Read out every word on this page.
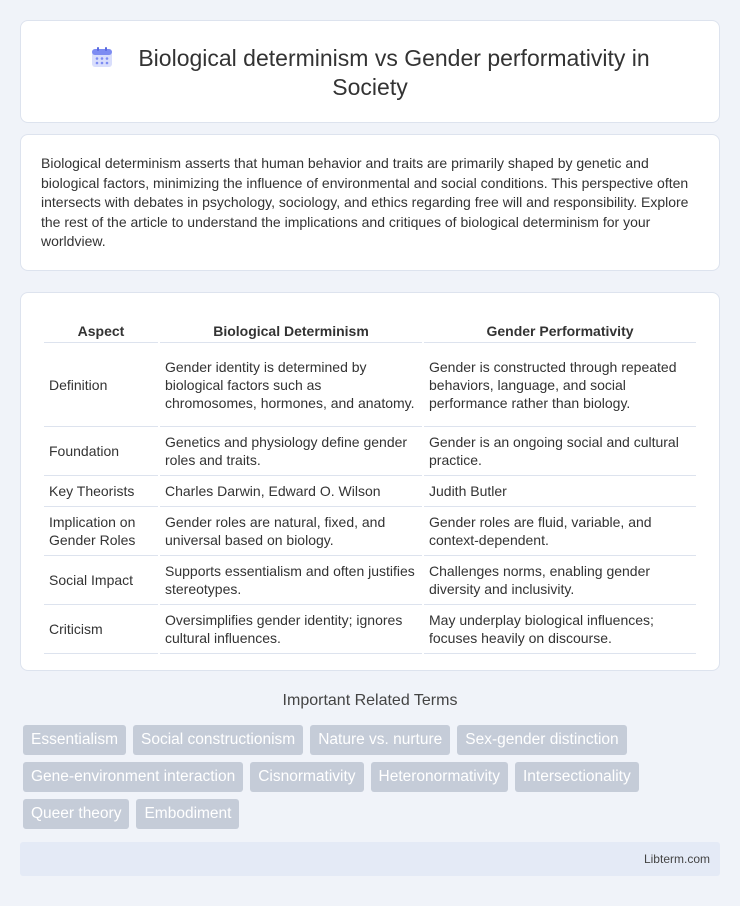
Biological determinism vs Gender performativity in
Society

Biological determinism asserts that human behavior and traits are primarily shaped by genetic and biological factors, minimizing the influence of environmental and social conditions. This perspective often intersects with debates in psychology, sociology, and ethics regarding free will and responsibility. Explore the rest of the article to understand the implications and critiques of biological determinism for your worldview.

Aspect	Biological Determinism	Gender Performativity
Definition	Gender identity is determined by biological factors such as chromosomes, hormones, and anatomy.	Gender is constructed through repeated behaviors, language, and social performance rather than biology.
Foundation	Genetics and physiology define gender roles and traits.	Gender is an ongoing social and cultural practice.
Key Theorists	Charles Darwin, Edward O. Wilson	Judith Butler
Implication on Gender Roles	Gender roles are natural, fixed, and universal based on biology.	Gender roles are fluid, variable, and context-dependent.
Social Impact	Supports essentialism and often justifies stereotypes.	Challenges norms, enabling gender diversity and inclusivity.
Criticism	Oversimplifies gender identity; ignores cultural influences.	May underplay biological influences; focuses heavily on discourse.
Important Related Terms
Essentialism	Social constructionism	Nature vs. nurture	Sex-gender distinction
Gene-environment interaction	Cisnormativity	Heteronormativity	Intersectionality
Queer theory	Embodiment
Libterm.com
